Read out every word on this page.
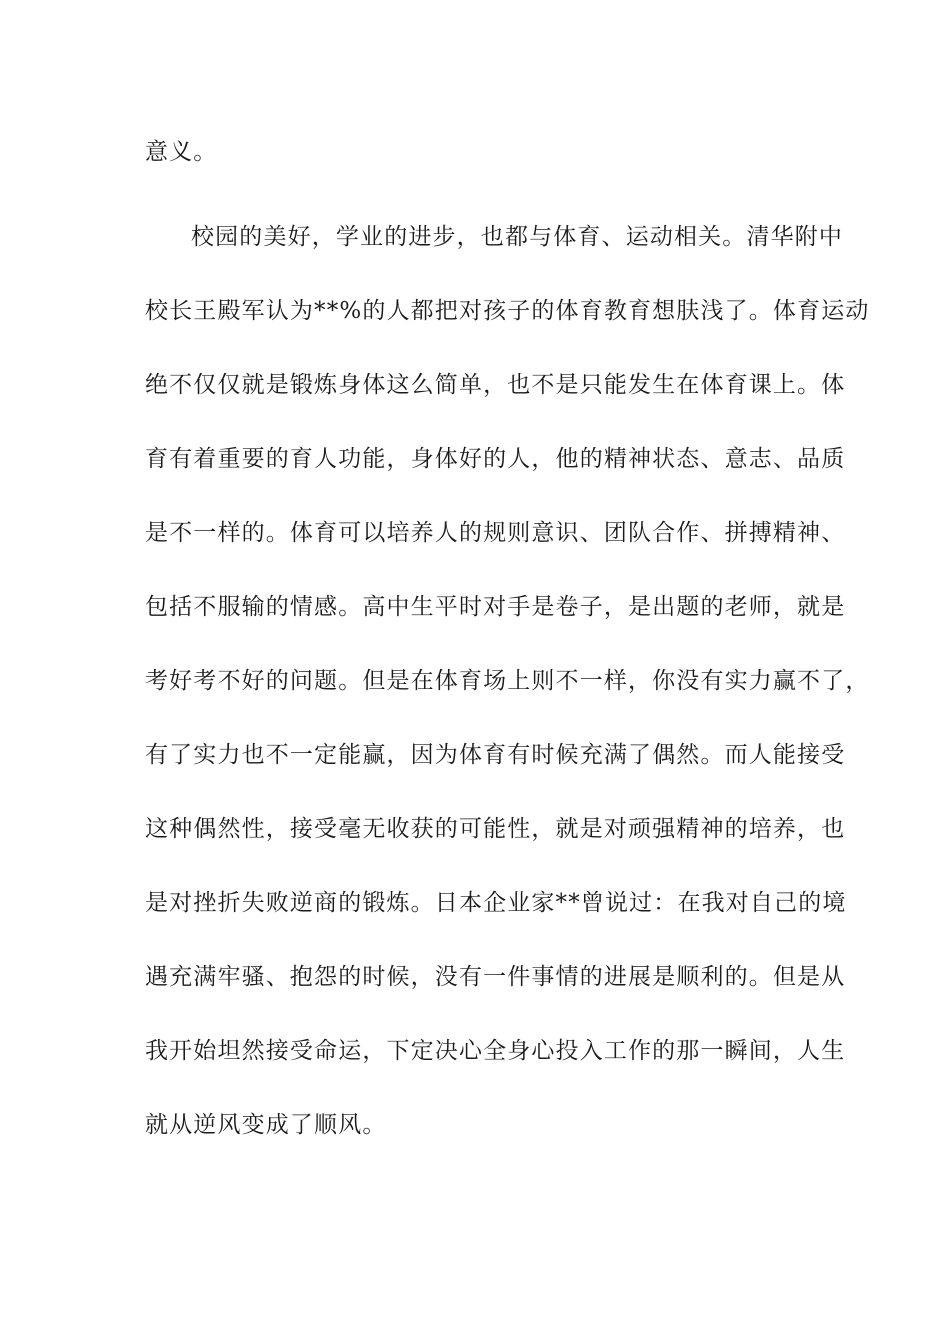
意义。
校园的美好，学业的进步，也都与体育、运动相关。清华附中
校长王殿军认为**%的人都把对孩子的体育教育想肤浅了。体育运动
绝不仅仅就是锻炼身体这么简单，也不是只能发生在体育课上。体
育有着重要的育人功能，身体好的人，他的精神状态、意志、品质
是不一样的。体育可以培养人的规则意识、团队合作、拼搏精神、
包括不服输的情感。高中生平时对手是卷子，是出题的老师，就是
考好考不好的问题。但是在体育场上则不一样，你没有实力赢不了，
有了实力也不一定能赢，因为体育有时候充满了偶然。而人能接受
这种偶然性，接受毫无收获的可能性，就是对顽强精神的培养，也
是对挫折失败逆商的锻炼。日本企业家**曾说过：在我对自己的境
遇充满牢骚、抱怨的时候，没有一件事情的进展是顺利的。但是从
我开始坦然接受命运，下定决心全身心投入工作的那一瞬间，人生
就从逆风变成了顺风。
